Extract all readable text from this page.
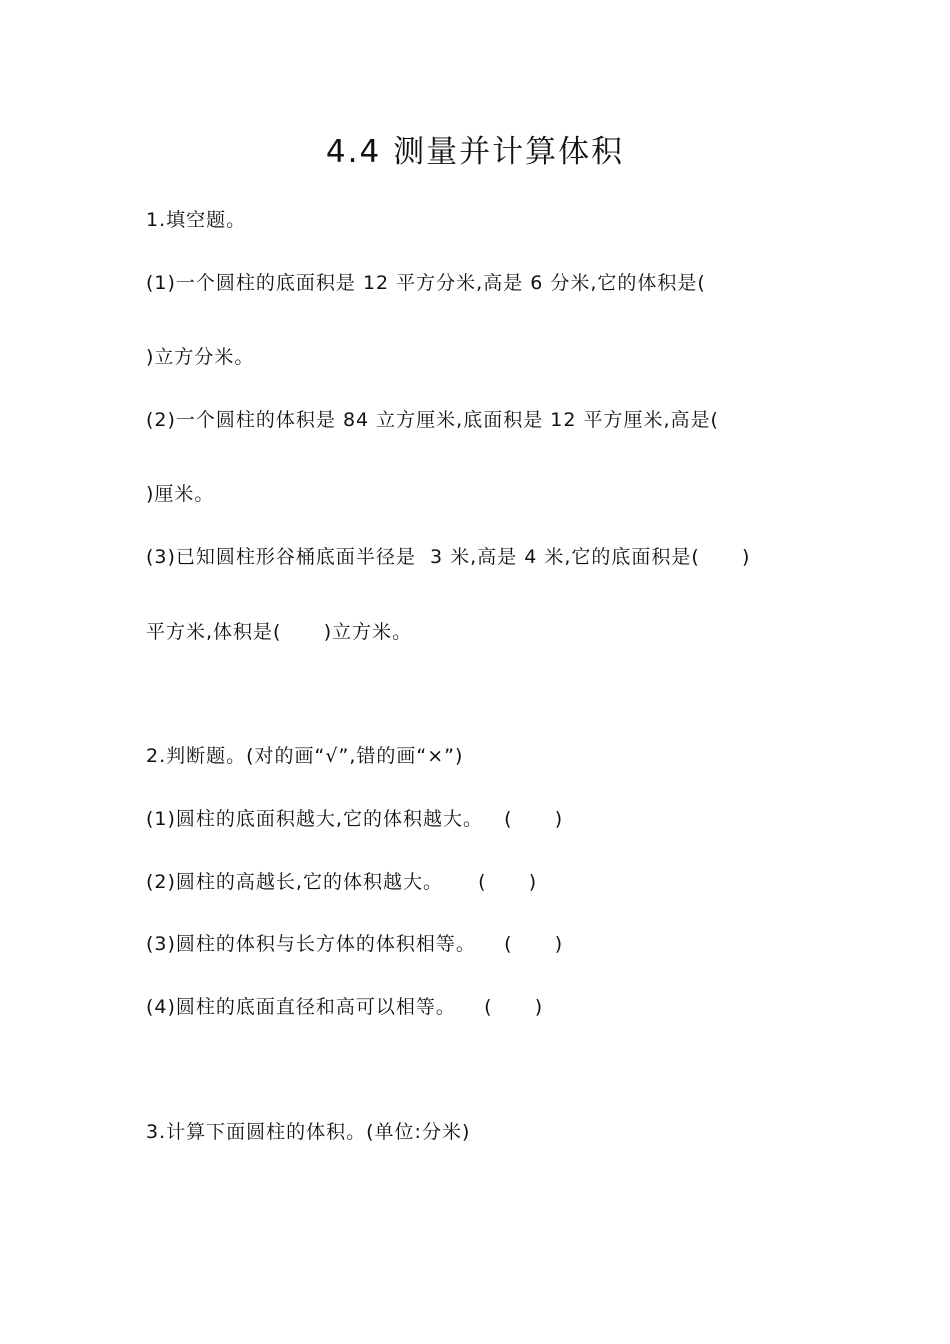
4.4 测量并计算体积
1.填空题。
(1)一个圆柱的底面积是 12 平方分米,高是 6 分米,它的体积是(
)立方分米。
(2)一个圆柱的体积是 84 立方厘米,底面积是 12 平方厘米,高是(
)厘米。
(3)已知圆柱形谷桶底面半径是  3 米,高是 4 米,它的底面积是(      )
平方米,体积是(      )立方米。
2.判断题。(对的画“√”,错的画“×”)
(1)圆柱的底面积越大,它的体积越大。   (      )
(2)圆柱的高越长,它的体积越大。     (      )
(3)圆柱的体积与长方体的体积相等。    (      )
(4)圆柱的底面直径和高可以相等。    (      )
3.计算下面圆柱的体积。(单位:分米)
